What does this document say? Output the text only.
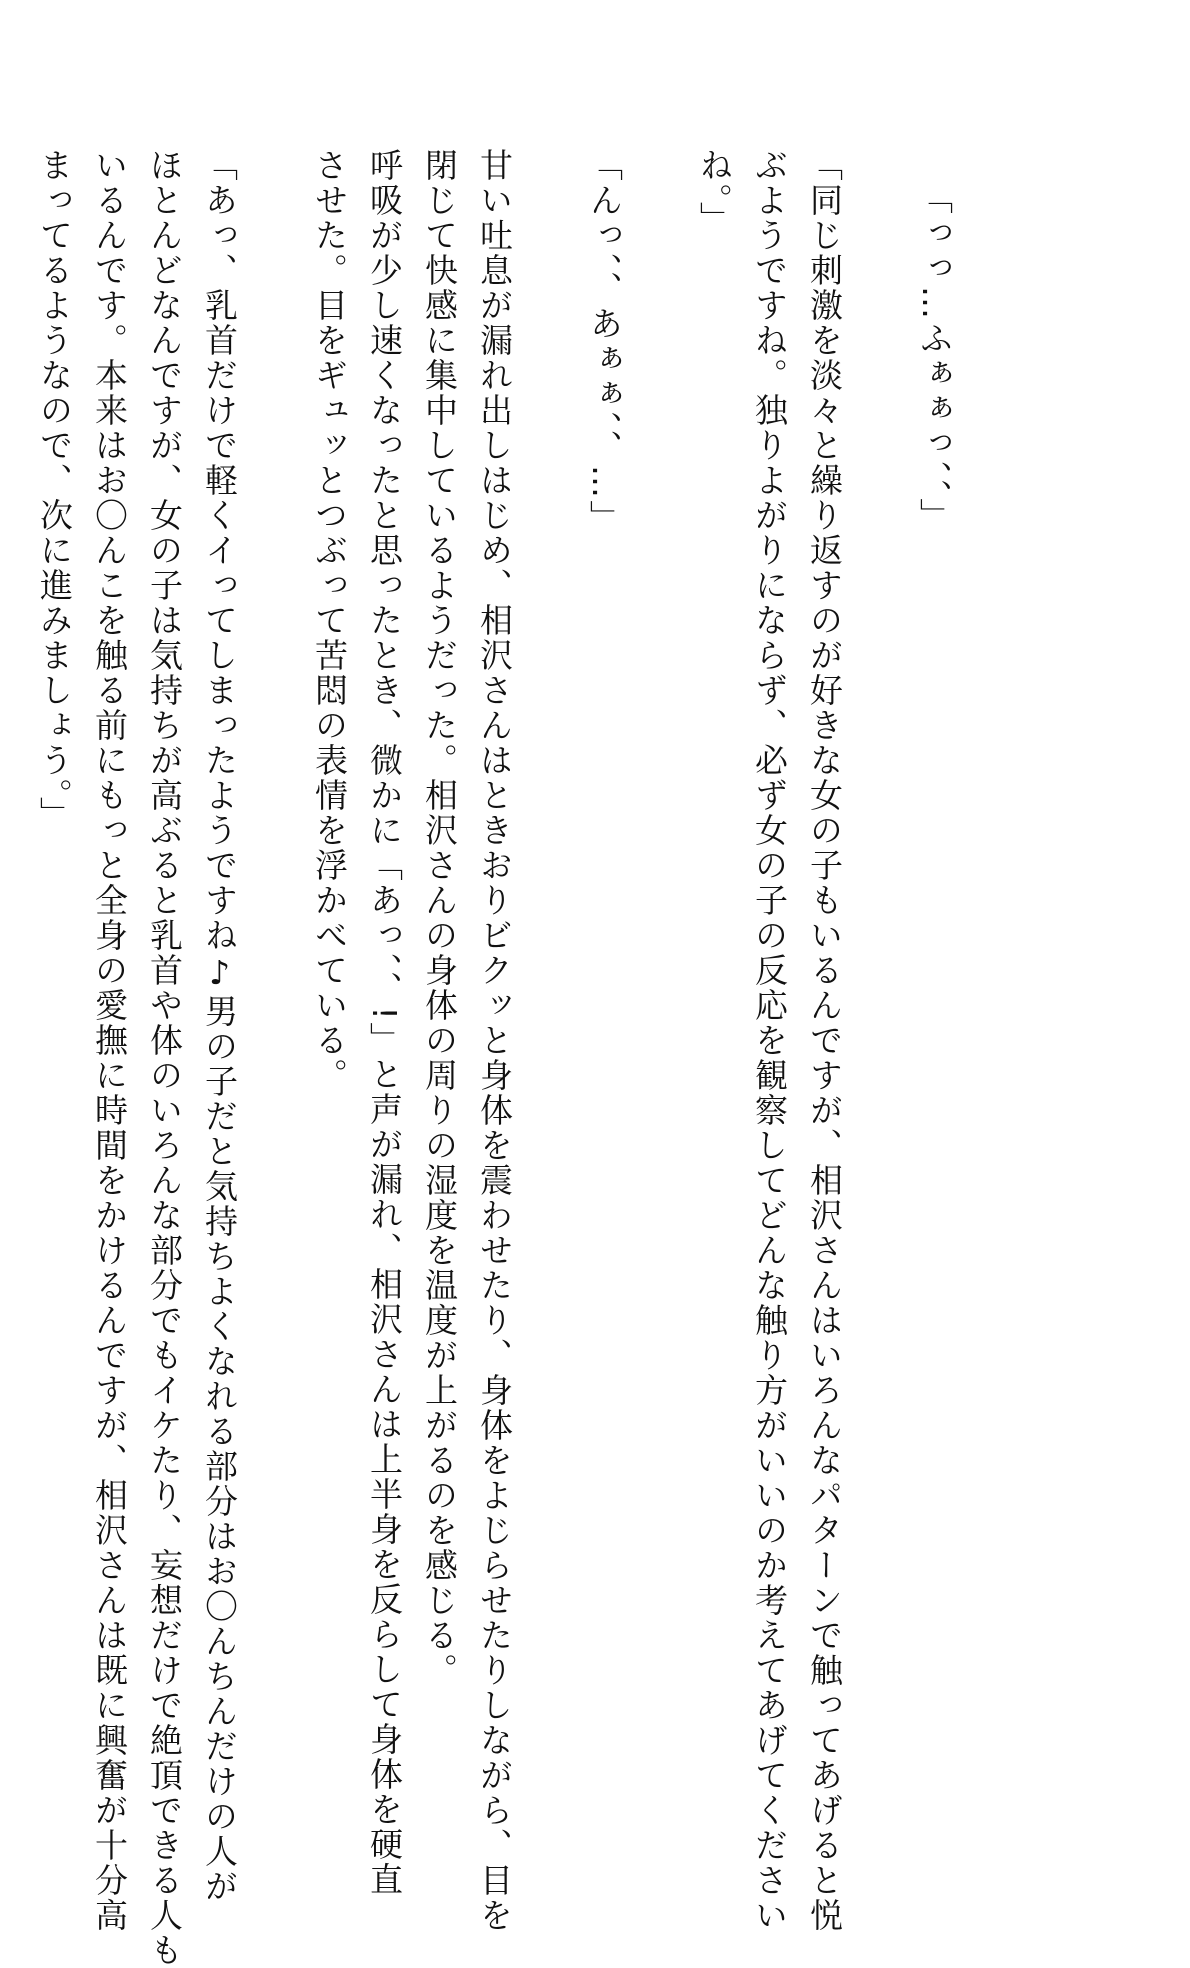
「っっ…ふぁぁっ、、」
「同じ刺激を淡々と繰り返すのが好きな女の子もいるんですが、相沢さんはいろんなパターンで触ってあげると悦
ぶようですね。独りよがりにならず、必ず女の子の反応を観察してどんな触り方がいいのか考えてあげてください
ね。」
「んっ、、あぁぁ、、…」
甘い吐息が漏れ出しはじめ、相沢さんはときおりビクッと身体を震わせたり、身体をよじらせたりしながら、目を
閉じて快感に集中しているようだった。相沢さんの身体の周りの湿度を温度が上がるのを感じる。
呼吸が少し速くなったと思ったとき、微かに「あっ、、!」と声が漏れ、相沢さんは上半身を反らして身体を硬直
させた。目をギュッとつぶって苦悶の表情を浮かべている。
「あっ、乳首だけで軽くイってしまったようですね♪男の子だと気持ちよくなれる部分はお〇んちんだけの人が
ほとんどなんですが、女の子は気持ちが高ぶると乳首や体のいろんな部分でもイケたり、妄想だけで絶頂できる人も
いるんです。本来はお〇んこを触る前にもっと全身の愛撫に時間をかけるんですが、相沢さんは既に興奮が十分高
まってるようなので、次に進みましょう。」
